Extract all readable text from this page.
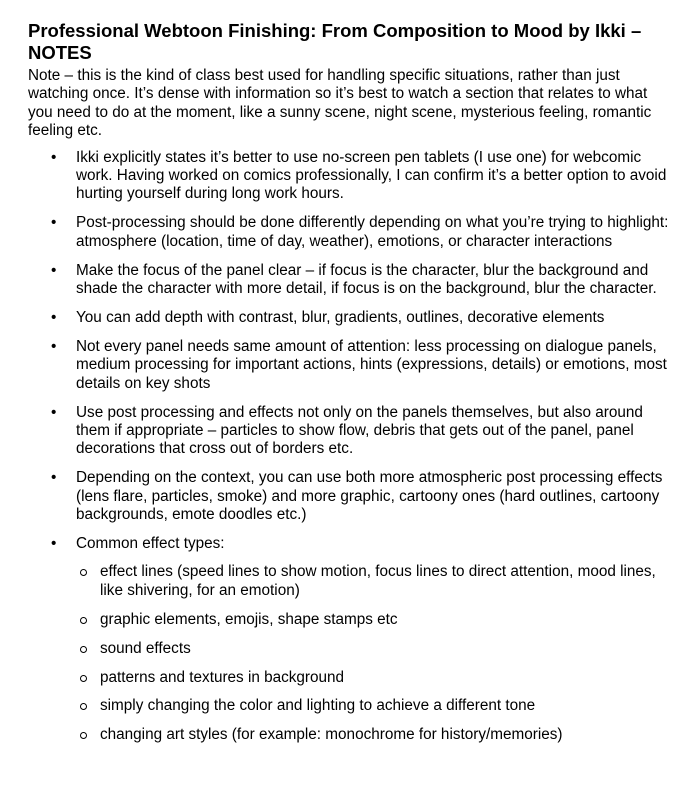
Professional Webtoon Finishing: From Composition to Mood by Ikki – NOTES

Note – this is the kind of class best used for handling specific situations, rather than just watching once. It’s dense with information so it’s best to watch a section that relates to what you need to do at the moment, like a sunny scene, night scene, mysterious feeling, romantic feeling etc.

• Ikki explicitly states it’s better to use no-screen pen tablets (I use one) for webcomic work. Having worked on comics professionally, I can confirm it’s a better option to avoid hurting yourself during long work hours.
• Post-processing should be done differently depending on what you’re trying to highlight: atmosphere (location, time of day, weather), emotions, or character interactions
• Make the focus of the panel clear – if focus is the character, blur the background and shade the character with more detail, if focus is on the background, blur the character.
• You can add depth with contrast, blur, gradients, outlines, decorative elements
• Not every panel needs same amount of attention: less processing on dialogue panels, medium processing for important actions, hints (expressions, details) or emotions, most details on key shots
• Use post processing and effects not only on the panels themselves, but also around them if appropriate – particles to show flow, debris that gets out of the panel, panel decorations that cross out of borders etc.
• Depending on the context, you can use both more atmospheric post processing effects (lens flare, particles, smoke) and more graphic, cartoony ones (hard outlines, cartoony backgrounds, emote doodles etc.)
• Common effect types:
effect lines (speed lines to show motion, focus lines to direct attention, mood lines, like shivering, for an emotion)
graphic elements, emojis, shape stamps etc
sound effects
patterns and textures in background
simply changing the color and lighting to achieve a different tone
changing art styles (for example: monochrome for history/memories)
